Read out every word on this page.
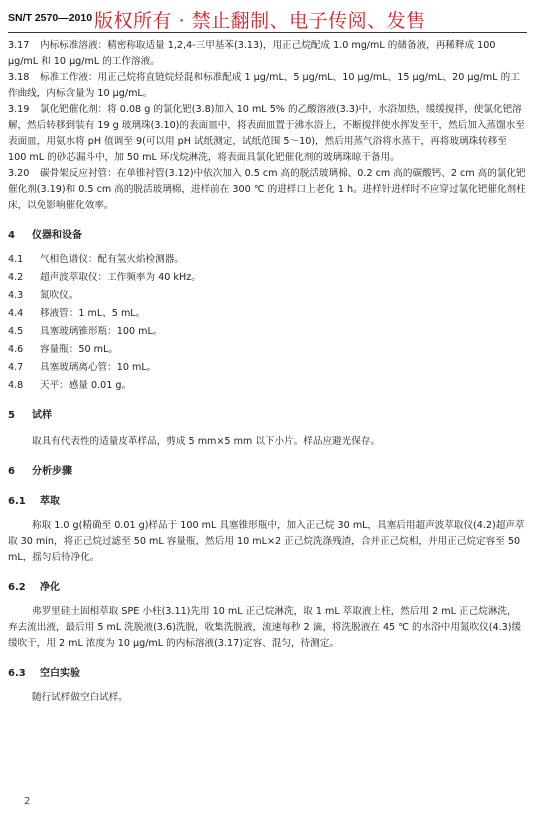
SN/T 2570—2010 版权所有 · 禁止翻制、电子传阅、发售

3.17 内标标准溶液：精密称取适量 1,2,4-三甲基苯(3.13)，用正己烷配成 1.0 mg/mL 的储备液，再稀释成 100 μg/mL 和 10 μg/mL 的工作溶液。

3.18 标准工作液：用正己烷将直链烷烃混和标准配成 1 μg/mL、5 μg/mL、10 μg/mL、15 μg/mL、20 μg/mL 的工作曲线，内标含量为 10 μg/mL。

3.19 氯化钯催化剂：将 0.08 g 的氯化钯(3.8)加入 10 mL 5% 的乙酸溶液(3.3)中，水浴加热，缓缓搅拌，使氯化钯溶解，然后转移到装有 19 g 玻璃珠(3.10)的表面皿中，将表面皿置于沸水浴上，不断搅拌使水挥发至干，然后加入蒸馏水至表面皿，用氨水将 pH 值调至 9(可以用 pH 试纸测定，试纸范围 5～10)，然后用蒸气浴将水蒸干，再将玻璃珠转移至 100 mL 的砂芯漏斗中，加 50 mL 环戊烷淋洗，将表面具氯化钯催化剂的玻璃珠晾干备用。

3.20 碳骨架反应衬管：在单锥衬管(3.12)中依次加入 0.5 cm 高的脱活玻璃棉、0.2 cm 高的碳酸钙、2 cm 高的氯化钯催化剂(3.19)和 0.5 cm 高的脱活玻璃棉，进样前在 300 ℃ 的进样口上老化 1 h。进样针进样时不应穿过氯化钯催化剂柱床，以免影响催化效率。

4 仪器和设备
4.1 气相色谱仪：配有氢火焰检测器。
4.2 超声波萃取仪：工作频率为 40 kHz。
4.3 氮吹仪。
4.4 移液管：1 mL、5 mL。
4.5 具塞玻璃锥形瓶：100 mL。
4.6 容量瓶：50 mL。
4.7 具塞玻璃离心管：10 mL。
4.8 天平：感量 0.01 g。
5 试样

取具有代表性的适量皮革样品，剪成 5 mm×5 mm 以下小片。样品应避光保存。

6 分析步骤
6.1 萃取

称取 1.0 g(精确至 0.01 g)样品于 100 mL 具塞锥形瓶中，加入正己烷 30 mL，具塞后用超声波萃取仪(4.2)超声萃取 30 min，将正己烷过滤至 50 mL 容量瓶，然后用 10 mL×2 正己烷洗涤残渣，合并正己烷相，并用正己烷定容至 50 mL，摇匀后待净化。

6.2 净化

弗罗里硅土固相萃取 SPE 小柱(3.11)先用 10 mL 正己烷淋洗，取 1 mL 萃取液上柱，然后用 2 mL 正己烷淋洗，弃去流出液，最后用 5 mL 洗脱液(3.6)洗脱，收集洗脱液，流速每秒 2 滴，将洗脱液在 45 ℃ 的水浴中用氮吹仪(4.3)缓缓吹干，用 2 mL 浓度为 10 μg/mL 的内标溶液(3.17)定容、混匀，待测定。

6.3 空白实验

随行试样做空白试样。

2
